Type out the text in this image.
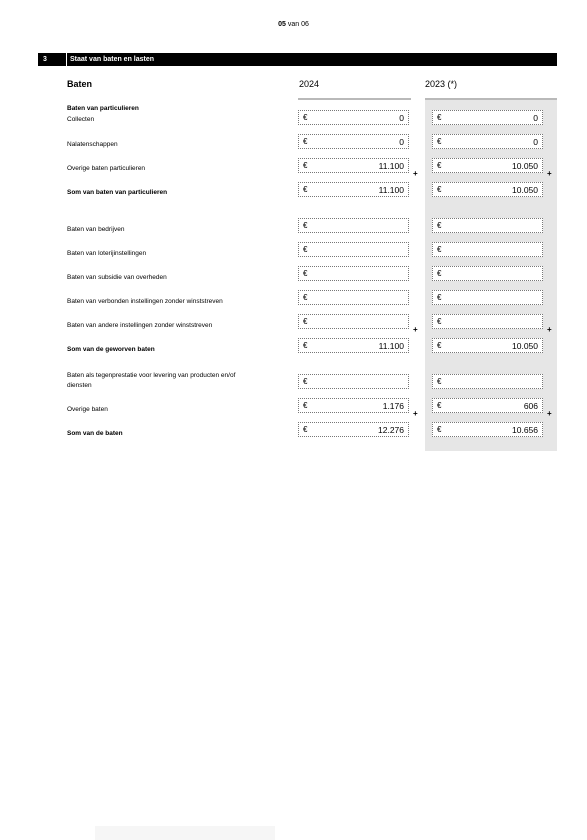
05 van 06
3	Staat van baten en lasten
Baten	2024	2023 (*)
Baten van particulieren
Collecten	€	0	€	0
Nalatenschappen	€	0	€	0
Overige baten particulieren	€	11.100	€	10.050
+	+
Som van baten van particulieren	€	11.100	€	10.050
Baten van bedrijven	€	€
Baten van loterijinstellingen	€	€
Baten van subsidie van overheden	€	€
Baten van verbonden instellingen zonder winststreven	€	€
Baten van andere instellingen zonder winststreven	€	€
+	+
Som van de geworven baten	€	11.100	€	10.050
Baten als tegenprestatie voor levering van producten en/of diensten	€	€
Overige baten	€	1.176	€	606
+	+
Som van de baten	€	12.276	€	10.656
